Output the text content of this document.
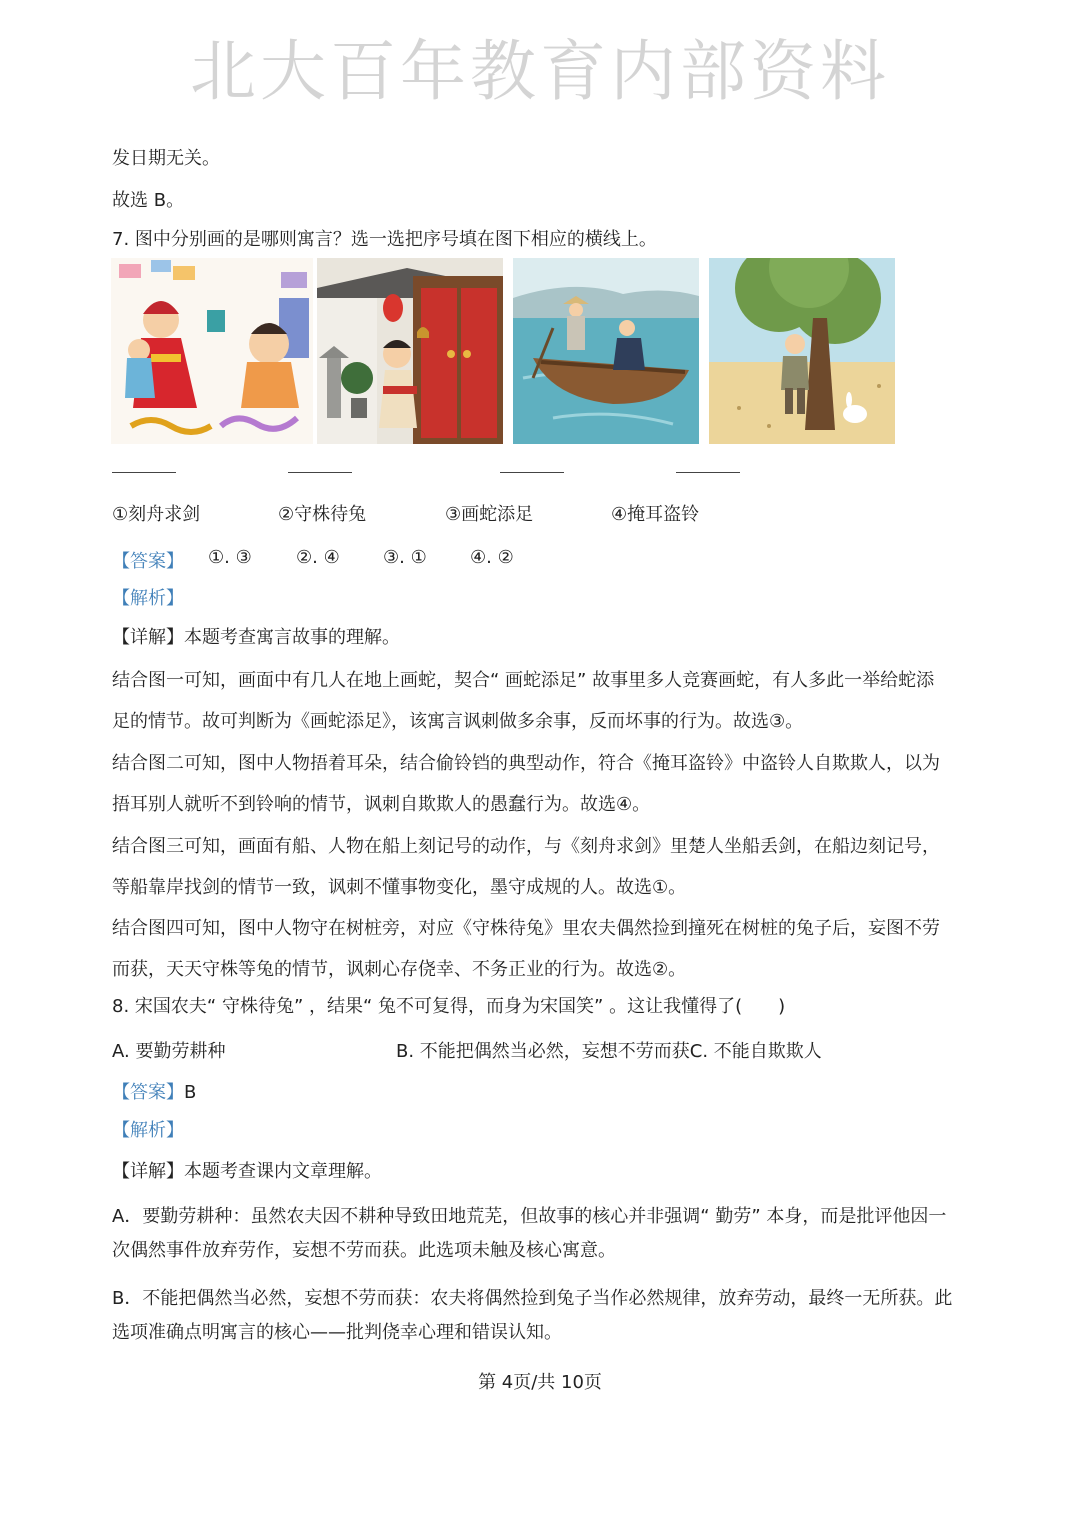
北大百年教育内部资料
发日期无关。
故选 B。
7. 图中分别画的是哪则寓言？选一选把序号填在图下相应的横线上。
①刻舟求剑	②守株待兔	③画蛇添足	④掩耳盗铃
【答案】 ①. ③ ②. ④ ③. ① ④. ②
【解析】
【详解】本题考查寓言故事的理解。
结合图一可知，画面中有几人在地上画蛇，契合“ 画蛇添足” 故事里多人竞赛画蛇，有人多此一举给蛇添
足的情节。故可判断为《画蛇添足》，该寓言讽刺做多余事，反而坏事的行为。故选③。
结合图二可知，图中人物捂着耳朵，结合偷铃铛的典型动作，符合《掩耳盗铃》中盗铃人自欺欺人，以为
捂耳别人就听不到铃响的情节，讽刺自欺欺人的愚蠢行为。故选④。
结合图三可知，画面有船、人物在船上刻记号的动作，与《刻舟求剑》里楚人坐船丢剑，在船边刻记号，
等船靠岸找剑的情节一致，讽刺不懂事物变化，墨守成规的人。故选①。
结合图四可知，图中人物守在树桩旁，对应《守株待兔》里农夫偶然捡到撞死在树桩的兔子后，妄图不劳
而获，天天守株等兔的情节，讽刺心存侥幸、不务正业的行为。故选②。
8. 宋国农夫“ 守株待兔” ，结果“ 兔不可复得，而身为宋国笑” 。这让我懂得了(　　)
A. 要勤劳耕种	B. 不能把偶然当必然，妄想不劳而获C. 不能自欺欺人
【答案】B
【解析】
【详解】本题考查课内文章理解。
A．要勤劳耕种：虽然农夫因不耕种导致田地荒芜，但故事的核心并非强调“ 勤劳” 本身，而是批评他因一
次偶然事件放弃劳作，妄想不劳而获。此选项未触及核心寓意。
B．不能把偶然当必然，妄想不劳而获：农夫将偶然捡到兔子当作必然规律，放弃劳动，最终一无所获。此
选项准确点明寓言的核心——批判侥幸心理和错误认知。
第 4页/共 10页
